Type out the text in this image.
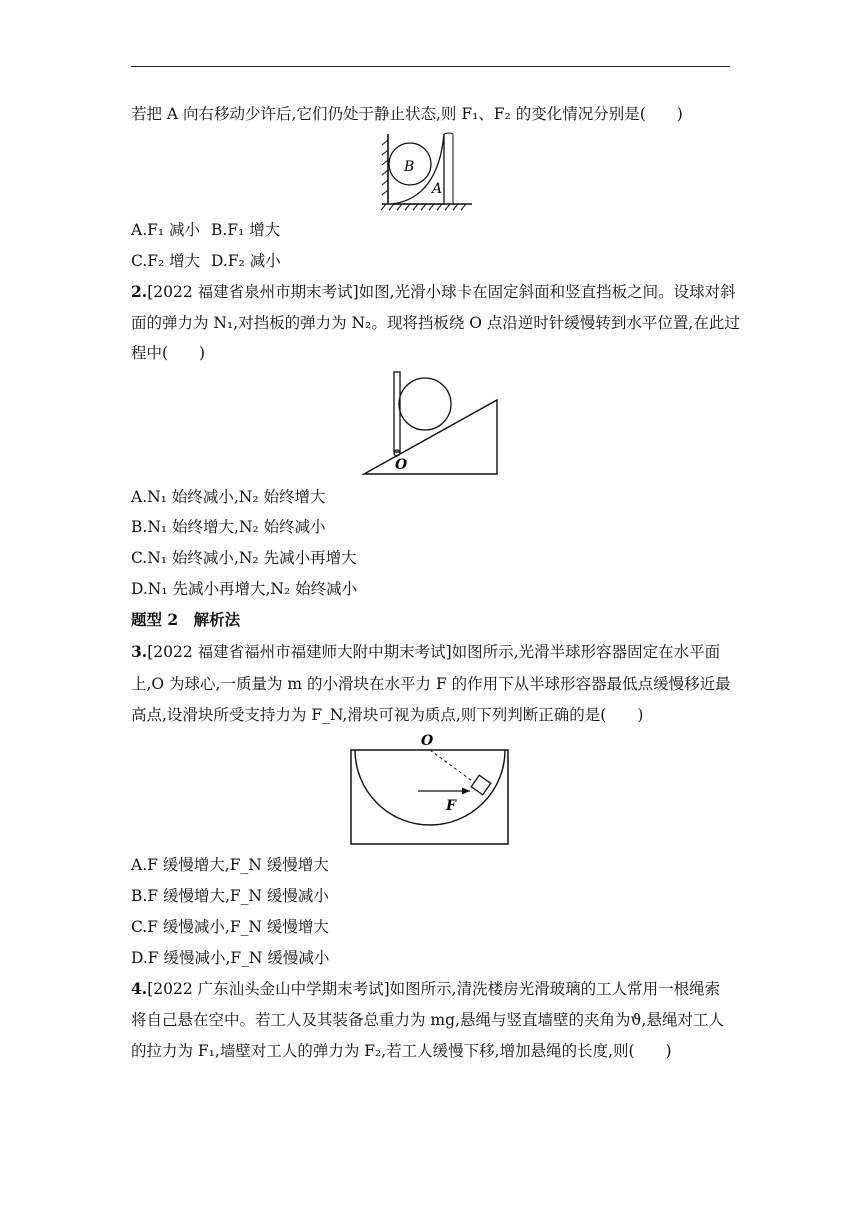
若把 A 向右移动少许后,它们仍处于静止状态,则 F₁、F₂ 的变化情况分别是(　　)
B
A
A.F₁ 减小 B.F₁ 增大
C.F₂ 增大 D.F₂ 减小
2.[2022 福建省泉州市期末考试]如图,光滑小球卡在固定斜面和竖直挡板之间。设球对斜
面的弹力为 N₁,对挡板的弹力为 N₂。现将挡板绕 O 点沿逆时针缓慢转到水平位置,在此过
程中(　　)
O
A.N₁ 始终减小,N₂ 始终增大
B.N₁ 始终增大,N₂ 始终减小
C.N₁ 始终减小,N₂ 先减小再增大
D.N₁ 先减小再增大,N₂ 始终减小
题型 2　解析法
3.[2022 福建省福州市福建师大附中期末考试]如图所示,光滑半球形容器固定在水平面
上,O 为球心,一质量为 m 的小滑块在水平力 F 的作用下从半球形容器最低点缓慢移近最
高点,设滑块所受支持力为 F_N,滑块可视为质点,则下列判断正确的是(　　)
O
F
A.F 缓慢增大,F_N 缓慢增大
B.F 缓慢增大,F_N 缓慢减小
C.F 缓慢减小,F_N 缓慢增大
D.F 缓慢减小,F_N 缓慢减小
4.[2022 广东汕头金山中学期末考试]如图所示,清洗楼房光滑玻璃的工人常用一根绳索
将自己悬在空中。若工人及其装备总重力为 mg,悬绳与竖直墙壁的夹角为ϑ,悬绳对工人
的拉力为 F₁,墙壁对工人的弹力为 F₂,若工人缓慢下移,增加悬绳的长度,则(　　)
